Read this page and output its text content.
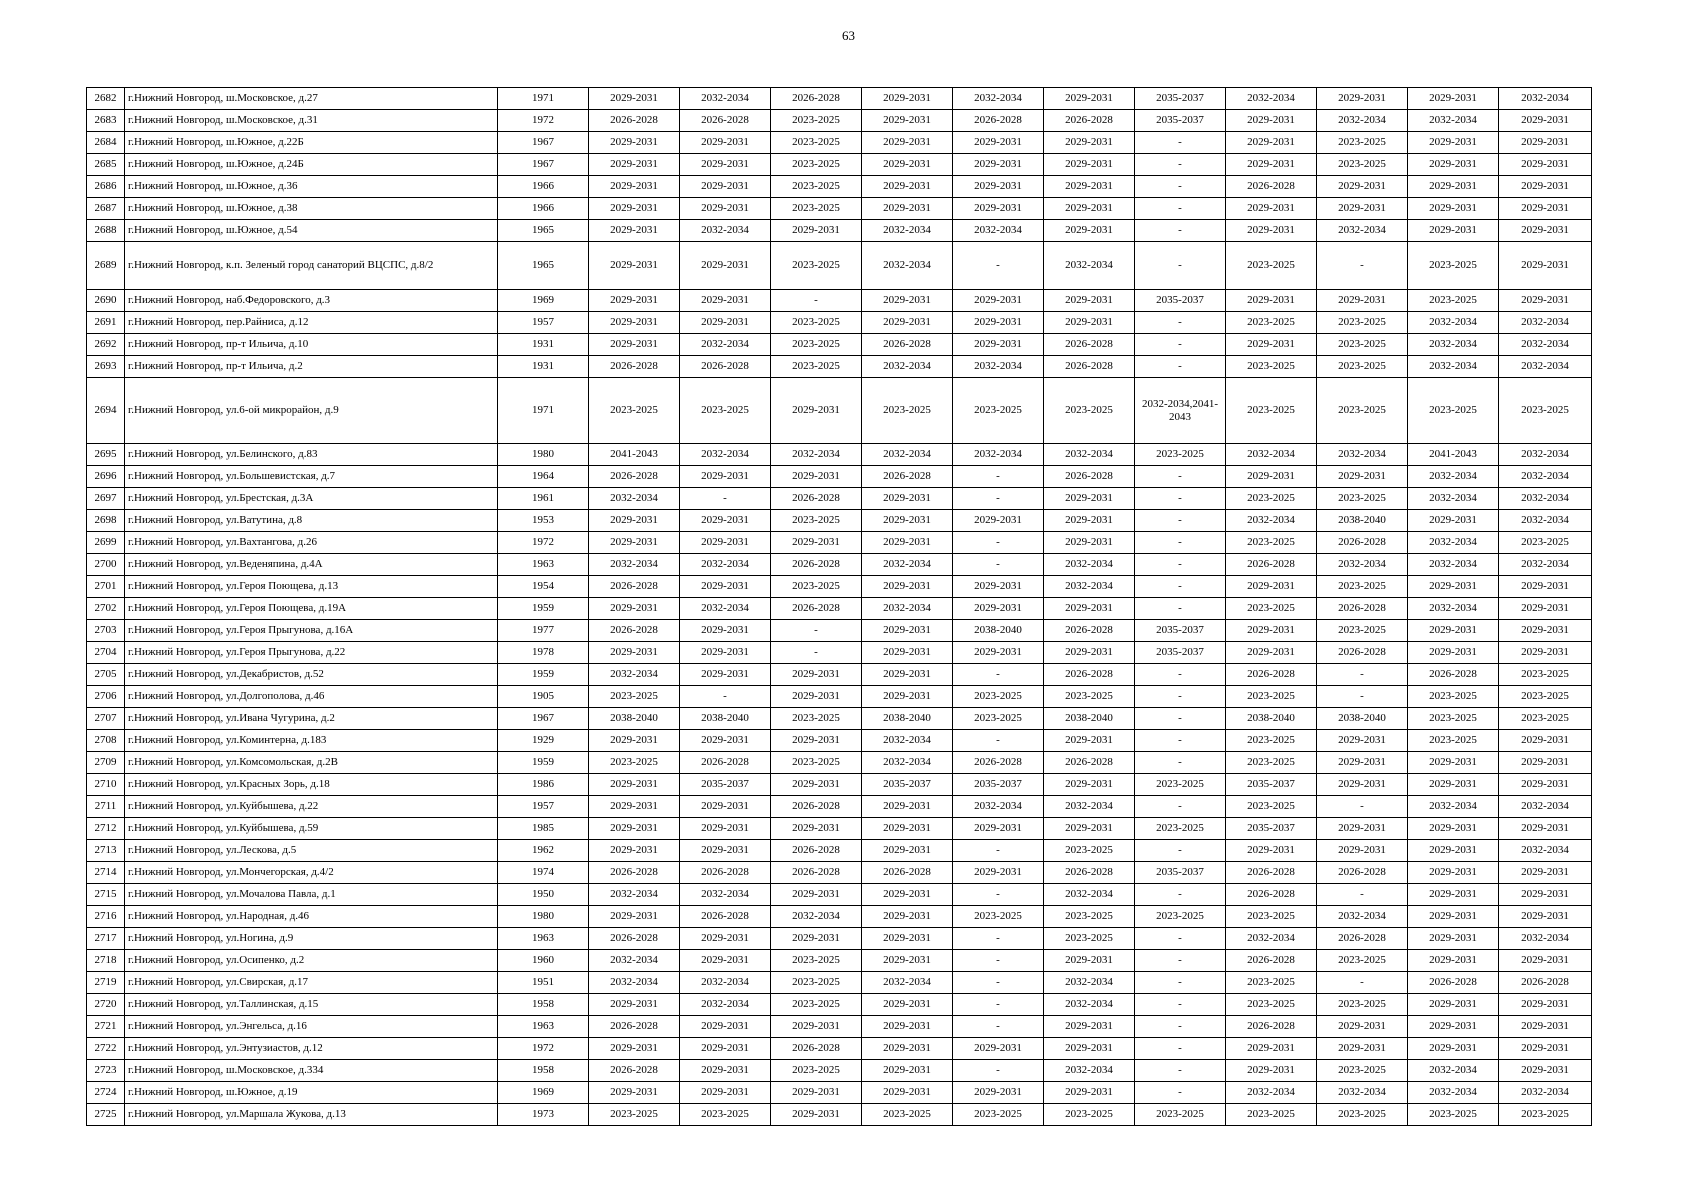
63
2682	г.Нижний Новгород, ш.Московское, д.27	1971	2029-2031	2032-2034	2026-2028	2029-2031	2032-2034	2029-2031	2035-2037	2032-2034	2029-2031	2029-2031	2032-2034
2683	г.Нижний Новгород, ш.Московское, д.31	1972	2026-2028	2026-2028	2023-2025	2029-2031	2026-2028	2026-2028	2035-2037	2029-2031	2032-2034	2032-2034	2029-2031
2684	г.Нижний Новгород, ш.Южное, д.22Б	1967	2029-2031	2029-2031	2023-2025	2029-2031	2029-2031	2029-2031	-	2029-2031	2023-2025	2029-2031	2029-2031
2685	г.Нижний Новгород, ш.Южное, д.24Б	1967	2029-2031	2029-2031	2023-2025	2029-2031	2029-2031	2029-2031	-	2029-2031	2023-2025	2029-2031	2029-2031
2686	г.Нижний Новгород, ш.Южное, д.36	1966	2029-2031	2029-2031	2023-2025	2029-2031	2029-2031	2029-2031	-	2026-2028	2029-2031	2029-2031	2029-2031
2687	г.Нижний Новгород, ш.Южное, д.38	1966	2029-2031	2029-2031	2023-2025	2029-2031	2029-2031	2029-2031	-	2029-2031	2029-2031	2029-2031	2029-2031
2688	г.Нижний Новгород, ш.Южное, д.54	1965	2029-2031	2032-2034	2029-2031	2032-2034	2032-2034	2029-2031	-	2029-2031	2032-2034	2029-2031	2029-2031
2689	г.Нижний Новгород, к.п. Зеленый город санаторий ВЦСПС, д.8/2	1965	2029-2031	2029-2031	2023-2025	2032-2034	-	2032-2034	-	2023-2025	-	2023-2025	2029-2031
2690	г.Нижний Новгород, наб.Федоровского, д.3	1969	2029-2031	2029-2031	-	2029-2031	2029-2031	2029-2031	2035-2037	2029-2031	2029-2031	2023-2025	2029-2031
2691	г.Нижний Новгород, пер.Райниса, д.12	1957	2029-2031	2029-2031	2023-2025	2029-2031	2029-2031	2029-2031	-	2023-2025	2023-2025	2032-2034	2032-2034
2692	г.Нижний Новгород, пр-т Ильича, д.10	1931	2029-2031	2032-2034	2023-2025	2026-2028	2029-2031	2026-2028	-	2029-2031	2023-2025	2032-2034	2032-2034
2693	г.Нижний Новгород, пр-т Ильича, д.2	1931	2026-2028	2026-2028	2023-2025	2032-2034	2032-2034	2026-2028	-	2023-2025	2023-2025	2032-2034	2032-2034
2694	г.Нижний Новгород, ул.6-ой микрорайон, д.9	1971	2023-2025	2023-2025	2029-2031	2023-2025	2023-2025	2023-2025	2032-2034,2041-2043	2023-2025	2023-2025	2023-2025	2023-2025
2695	г.Нижний Новгород, ул.Белинского, д.83	1980	2041-2043	2032-2034	2032-2034	2032-2034	2032-2034	2032-2034	2023-2025	2032-2034	2032-2034	2041-2043	2032-2034
2696	г.Нижний Новгород, ул.Большевистская, д.7	1964	2026-2028	2029-2031	2029-2031	2026-2028	-	2026-2028	-	2029-2031	2029-2031	2032-2034	2032-2034
2697	г.Нижний Новгород, ул.Брестская, д.3А	1961	2032-2034	-	2026-2028	2029-2031	-	2029-2031	-	2023-2025	2023-2025	2032-2034	2032-2034
2698	г.Нижний Новгород, ул.Ватутина, д.8	1953	2029-2031	2029-2031	2023-2025	2029-2031	2029-2031	2029-2031	-	2032-2034	2038-2040	2029-2031	2032-2034
2699	г.Нижний Новгород, ул.Вахтангова, д.26	1972	2029-2031	2029-2031	2029-2031	2029-2031	-	2029-2031	-	2023-2025	2026-2028	2032-2034	2023-2025
2700	г.Нижний Новгород, ул.Веденяпина, д.4А	1963	2032-2034	2032-2034	2026-2028	2032-2034	-	2032-2034	-	2026-2028	2032-2034	2032-2034	2032-2034
2701	г.Нижний Новгород, ул.Героя Поющева, д.13	1954	2026-2028	2029-2031	2023-2025	2029-2031	2029-2031	2032-2034	-	2029-2031	2023-2025	2029-2031	2029-2031
2702	г.Нижний Новгород, ул.Героя Поющева, д.19А	1959	2029-2031	2032-2034	2026-2028	2032-2034	2029-2031	2029-2031	-	2023-2025	2026-2028	2032-2034	2029-2031
2703	г.Нижний Новгород, ул.Героя Прыгунова, д.16А	1977	2026-2028	2029-2031	-	2029-2031	2038-2040	2026-2028	2035-2037	2029-2031	2023-2025	2029-2031	2029-2031
2704	г.Нижний Новгород, ул.Героя Прыгунова, д.22	1978	2029-2031	2029-2031	-	2029-2031	2029-2031	2029-2031	2035-2037	2029-2031	2026-2028	2029-2031	2029-2031
2705	г.Нижний Новгород, ул.Декабристов, д.52	1959	2032-2034	2029-2031	2029-2031	2029-2031	-	2026-2028	-	2026-2028	-	2026-2028	2023-2025
2706	г.Нижний Новгород, ул.Долгополова, д.46	1905	2023-2025	-	2029-2031	2029-2031	2023-2025	2023-2025	-	2023-2025	-	2023-2025	2023-2025
2707	г.Нижний Новгород, ул.Ивана Чугурина, д.2	1967	2038-2040	2038-2040	2023-2025	2038-2040	2023-2025	2038-2040	-	2038-2040	2038-2040	2023-2025	2023-2025
2708	г.Нижний Новгород, ул.Коминтерна, д.183	1929	2029-2031	2029-2031	2029-2031	2032-2034	-	2029-2031	-	2023-2025	2029-2031	2023-2025	2029-2031
2709	г.Нижний Новгород, ул.Комсомольская, д.2В	1959	2023-2025	2026-2028	2023-2025	2032-2034	2026-2028	2026-2028	-	2023-2025	2029-2031	2029-2031	2029-2031
2710	г.Нижний Новгород, ул.Красных Зорь, д.18	1986	2029-2031	2035-2037	2029-2031	2035-2037	2035-2037	2029-2031	2023-2025	2035-2037	2029-2031	2029-2031	2029-2031
2711	г.Нижний Новгород, ул.Куйбышева, д.22	1957	2029-2031	2029-2031	2026-2028	2029-2031	2032-2034	2032-2034	-	2023-2025	-	2032-2034	2032-2034
2712	г.Нижний Новгород, ул.Куйбышева, д.59	1985	2029-2031	2029-2031	2029-2031	2029-2031	2029-2031	2029-2031	2023-2025	2035-2037	2029-2031	2029-2031	2029-2031
2713	г.Нижний Новгород, ул.Лескова, д.5	1962	2029-2031	2029-2031	2026-2028	2029-2031	-	2023-2025	-	2029-2031	2029-2031	2029-2031	2032-2034
2714	г.Нижний Новгород, ул.Мончегорская, д.4/2	1974	2026-2028	2026-2028	2026-2028	2026-2028	2029-2031	2026-2028	2035-2037	2026-2028	2026-2028	2029-2031	2029-2031
2715	г.Нижний Новгород, ул.Мочалова Павла, д.1	1950	2032-2034	2032-2034	2029-2031	2029-2031	-	2032-2034	-	2026-2028	-	2029-2031	2029-2031
2716	г.Нижний Новгород, ул.Народная, д.46	1980	2029-2031	2026-2028	2032-2034	2029-2031	2023-2025	2023-2025	2023-2025	2023-2025	2032-2034	2029-2031	2029-2031
2717	г.Нижний Новгород, ул.Ногина, д.9	1963	2026-2028	2029-2031	2029-2031	2029-2031	-	2023-2025	-	2032-2034	2026-2028	2029-2031	2032-2034
2718	г.Нижний Новгород, ул.Осипенко, д.2	1960	2032-2034	2029-2031	2023-2025	2029-2031	-	2029-2031	-	2026-2028	2023-2025	2029-2031	2029-2031
2719	г.Нижний Новгород, ул.Свирская, д.17	1951	2032-2034	2032-2034	2023-2025	2032-2034	-	2032-2034	-	2023-2025	-	2026-2028	2026-2028
2720	г.Нижний Новгород, ул.Таллинская, д.15	1958	2029-2031	2032-2034	2023-2025	2029-2031	-	2032-2034	-	2023-2025	2023-2025	2029-2031	2029-2031
2721	г.Нижний Новгород, ул.Энгельса, д.16	1963	2026-2028	2029-2031	2029-2031	2029-2031	-	2029-2031	-	2026-2028	2029-2031	2029-2031	2029-2031
2722	г.Нижний Новгород, ул.Энтузиастов, д.12	1972	2029-2031	2029-2031	2026-2028	2029-2031	2029-2031	2029-2031	-	2029-2031	2029-2031	2029-2031	2029-2031
2723	г.Нижний Новгород, ш.Московское, д.334	1958	2026-2028	2029-2031	2023-2025	2029-2031	-	2032-2034	-	2029-2031	2023-2025	2032-2034	2029-2031
2724	г.Нижний Новгород, ш.Южное, д.19	1969	2029-2031	2029-2031	2029-2031	2029-2031	2029-2031	2029-2031	-	2032-2034	2032-2034	2032-2034	2032-2034
2725	г.Нижний Новгород, ул.Маршала Жукова, д.13	1973	2023-2025	2023-2025	2029-2031	2023-2025	2023-2025	2023-2025	2023-2025	2023-2025	2023-2025	2023-2025	2023-2025
